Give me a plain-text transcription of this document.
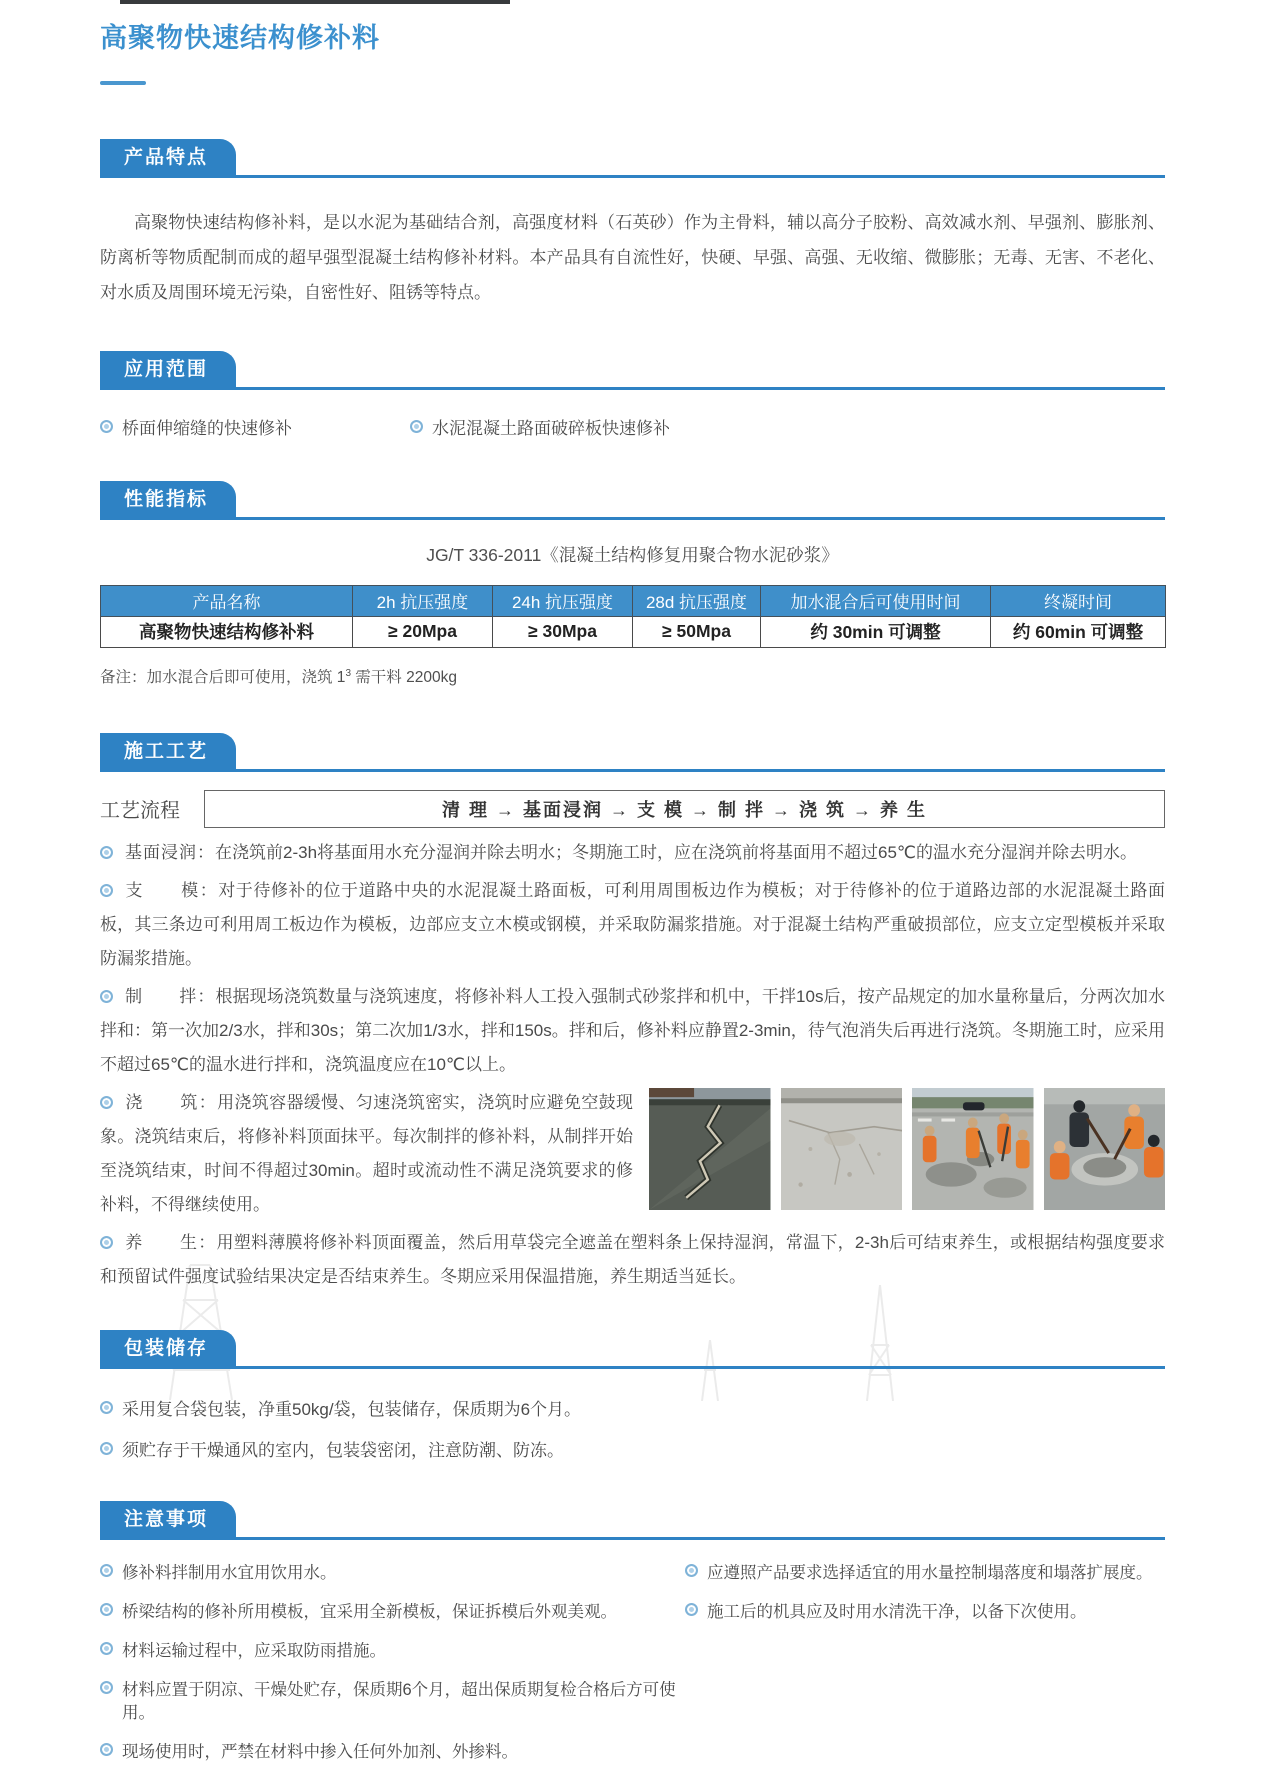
高聚物快速结构修补料
产品特点

高聚物快速结构修补料，是以水泥为基础结合剂，高强度材料（石英砂）作为主骨料，辅以高分子胶粉、高效减水剂、早强剂、膨胀剂、防离析等物质配制而成的超早强型混凝土结构修补材料。本产品具有自流性好，快硬、早强、高强、无收缩、微膨胀；无毒、无害、不老化、对水质及周围环境无污染，自密性好、阻锈等特点。

应用范围
桥面伸缩缝的快速修补	水泥混凝土路面破碎板快速修补
性能指标
JG/T 336-2011《混凝土结构修复用聚合物水泥砂浆》
产品名称	2h 抗压强度	24h 抗压强度	28d 抗压强度	加水混合后可使用时间	终凝时间
高聚物快速结构修补料	≥ 20Mpa	≥ 30Mpa	≥ 50Mpa	约 30min 可调整	约 60min 可调整
备注：加水混合后即可使用，浇筑 $1^3$ 需干料 2200kg
施工工艺
工艺流程	清 理 → 基面浸润 → 支 模 → 制 拌 → 浇 筑 → 养 生

基面浸润：在浇筑前2-3h将基面用水充分湿润并除去明水；冬期施工时，应在浇筑前将基面用不超过65℃的温水充分湿润并除去明水。

支　　模：对于待修补的位于道路中央的水泥混凝土路面板，可利用周围板边作为模板；对于待修补的位于道路边部的水泥混凝土路面板，其三条边可利用周工板边作为模板，边部应支立木模或钢模，并采取防漏浆措施。对于混凝土结构严重破损部位，应支立定型模板并采取防漏浆措施。

制　　拌：根据现场浇筑数量与浇筑速度，将修补料人工投入强制式砂浆拌和机中，干拌10s后，按产品规定的加水量称量后，分两次加水拌和：第一次加2/3水，拌和30s；第二次加1/3水，拌和150s。拌和后，修补料应静置2-3min，待气泡消失后再进行浇筑。冬期施工时，应采用不超过65℃的温水进行拌和，浇筑温度应在10℃以上。

浇　　筑：用浇筑容器缓慢、匀速浇筑密实，浇筑时应避免空鼓现象。浇筑结束后，将修补料顶面抹平。每次制拌的修补料，从制拌开始至浇筑结束，时间不得超过30min。超时或流动性不满足浇筑要求的修补料，不得继续使用。

养　　生：用塑料薄膜将修补料顶面覆盖，然后用草袋完全遮盖在塑料条上保持湿润，常温下，2-3h后可结束养生，或根据结构强度要求和预留试件强度试验结果决定是否结束养生。冬期应采用保温措施，养生期适当延长。

包装储存
采用复合袋包装，净重50kg/袋，包装储存，保质期为6个月。
须贮存于干燥通风的室内，包装袋密闭，注意防潮、防冻。
注意事项
修补料拌制用水宜用饮用水。
桥梁结构的修补所用模板，宜采用全新模板，保证拆模后外观美观。
材料运输过程中，应采取防雨措施。
材料应置于阴凉、干燥处贮存，保质期6个月，超出保质期复检合格后方可使用。
现场使用时，严禁在材料中掺入任何外加剂、外掺料。
应遵照产品要求选择适宜的用水量控制塌落度和塌落扩展度。
施工后的机具应及时用水清洗干净，以备下次使用。
